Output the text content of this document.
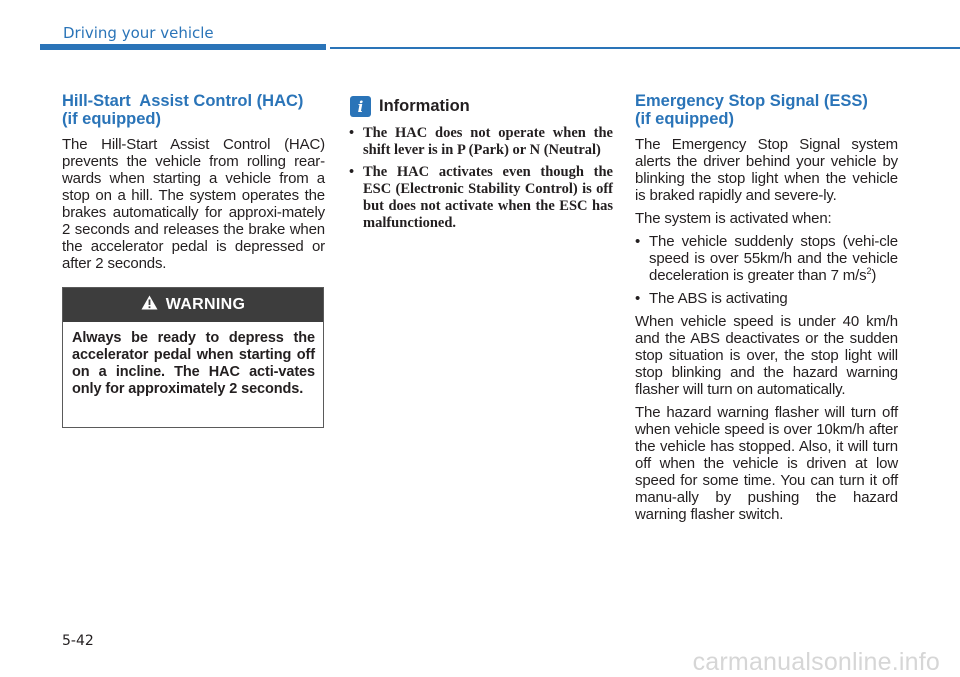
Driving your vehicle
Hill-Start  Assist Control (HAC)
(if equipped)

The Hill-Start Assist Control (HAC) prevents the vehicle from rolling rear-wards when starting a vehicle from a stop on a hill. The system operates the brakes automatically for approxi-mately 2 seconds and releases the brake when the accelerator pedal is depressed or after 2 seconds.

WARNING
Always be ready to depress the accelerator pedal when starting off on a incline. The HAC acti-vates only for approximately 2 seconds.
i Information
• The HAC does not operate when the shift lever is in P (Park) or N (Neutral)
• The HAC activates even though the ESC (Electronic Stability Control) is off but does not activate when the ESC has malfunctioned.
Emergency Stop Signal (ESS)
(if equipped)

The Emergency Stop Signal system alerts the driver behind your vehicle by blinking the stop light when the vehicle is braked rapidly and severe-ly.

The system is activated when:

• The vehicle suddenly stops (vehi-cle speed is over 55km/h and the vehicle deceleration is greater than 7 $m/s^2$)
• The ABS is activating

When vehicle speed is under 40 km/h and the ABS deactivates or the sudden stop situation is over, the stop light will stop blinking and the hazard warning flasher will turn on automatically.

The hazard warning flasher will turn off when vehicle speed is over 10km/h after the vehicle has stopped. Also, it will turn off when the vehicle is driven at low speed for some time. You can turn it off manu-ally by pushing the hazard warning flasher switch.

5-42
carmanualsonline.info
